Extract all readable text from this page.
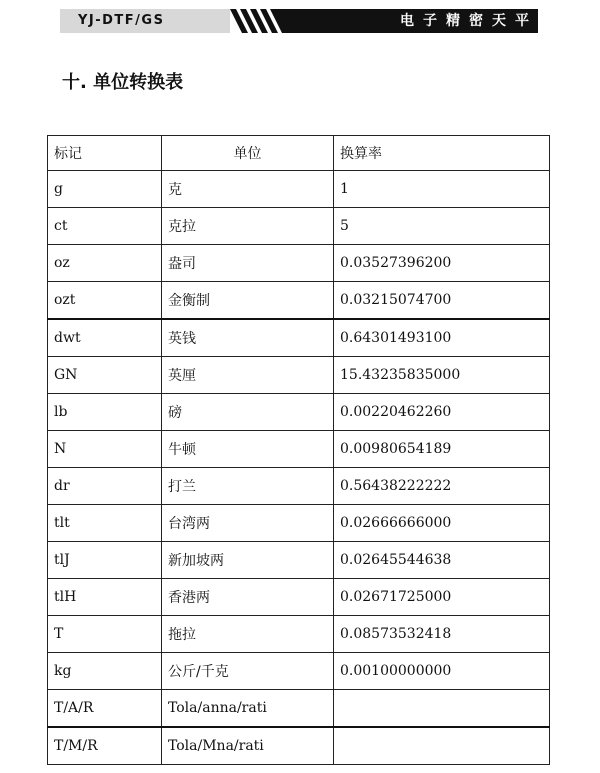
YJ-DTF/GS	电子精密天平
十. 单位转换表
标记	单位	换算率
g	克	1
ct	克拉	5
oz	盎司	0.03527396200
ozt	金衡制	0.03215074700
dwt	英钱	0.64301493100
GN	英厘	15.43235835000
lb	磅	0.00220462260
N	牛顿	0.00980654189
dr	打兰	0.56438222222
tlt	台湾两	0.02666666000
tlJ	新加坡两	0.02645544638
tlH	香港两	0.02671725000
T	拖拉	0.08573532418
kg	公斤/千克	0.00100000000
T/A/R	Tola/anna/rati	
T/M/R	Tola/Mna/rati	
